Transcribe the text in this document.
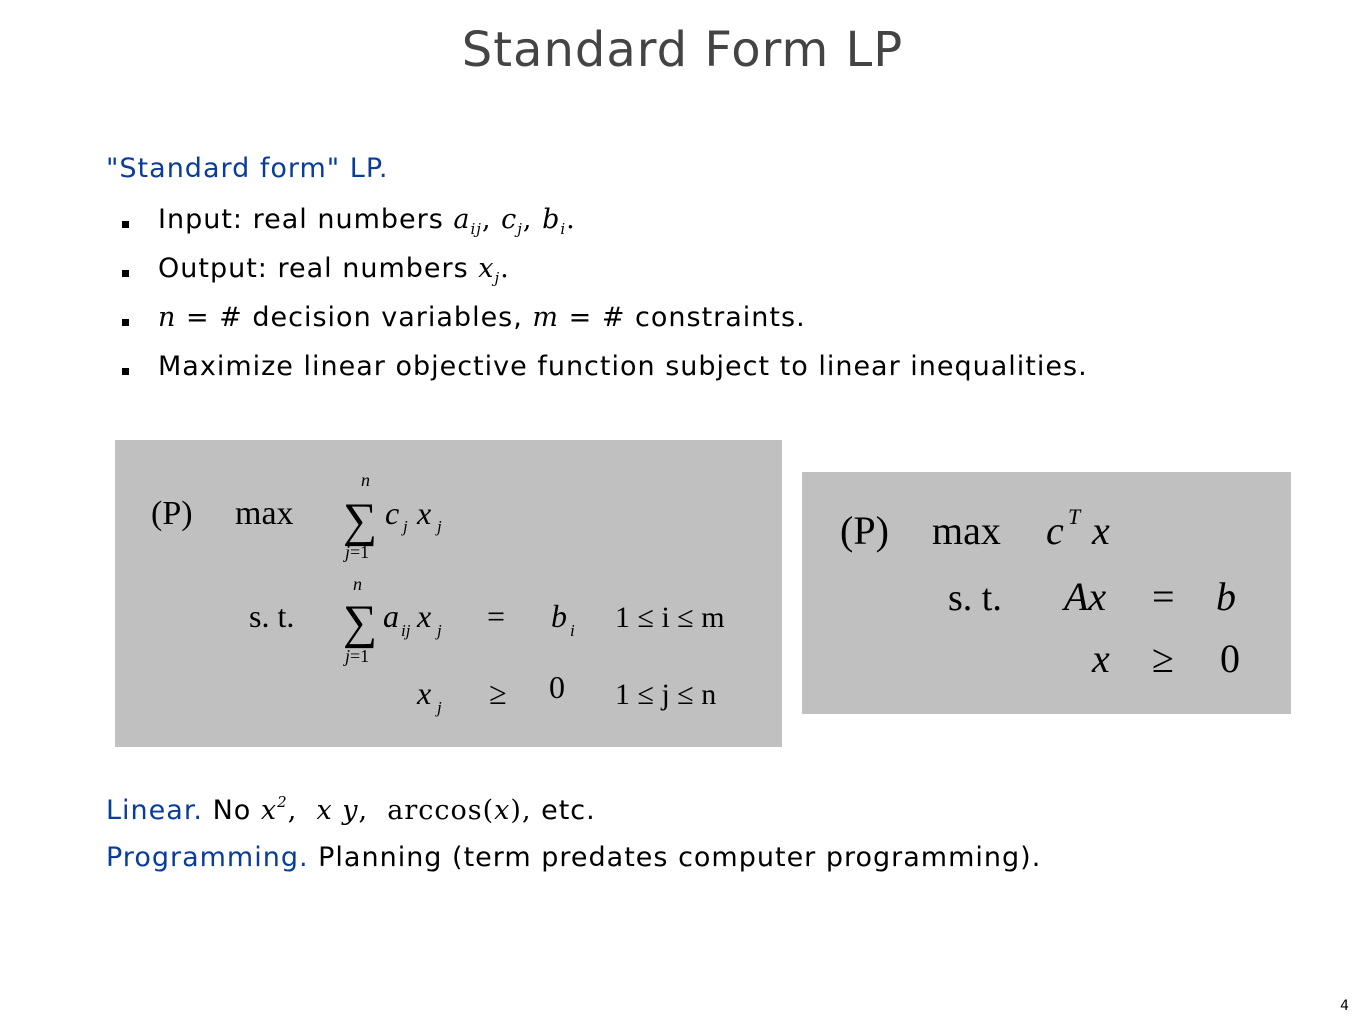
Standard Form LP
"Standard form" LP.
Input: real numbers $a_{ij}$, $c_j$, $b_i$.
Output: real numbers $x_j$.
n = # decision variables, m = # constraints.
Maximize linear objective function subject to linear inequalities.
(P) max
n
∑
j=1
c j x j
s. t.
n
∑
j=1
a ij x j = b i 1 ≤ i ≤ m
x j ≥ 0 1 ≤ j ≤ n
(P) max c T x
s. t. Ax = b
x ≥ 0
Linear. No $x^2$,  x y,  arccos(x), etc.
Programming. Planning (term predates computer programming).
4
